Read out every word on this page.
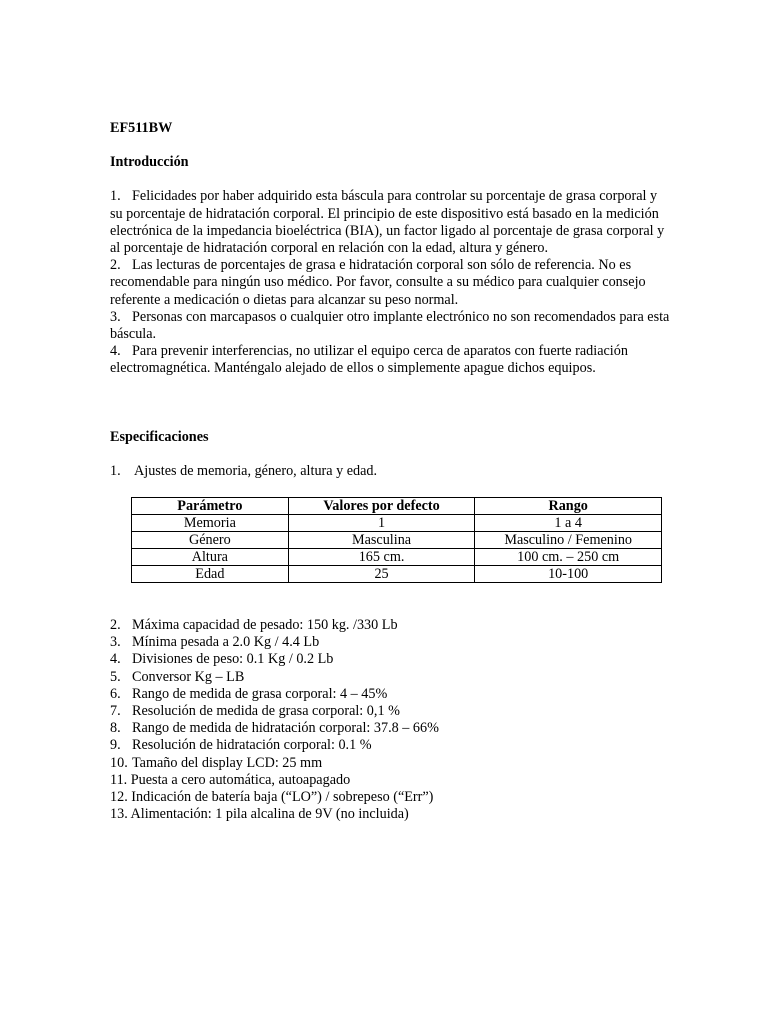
EF511BW

Introducción

1. Felicidades por haber adquirido esta báscula para controlar su porcentaje de grasa corporal y su porcentaje de hidratación corporal. El principio de este dispositivo está basado en la medición electrónica de la impedancia bioeléctrica (BIA), un factor ligado al porcentaje de grasa corporal y al porcentaje de hidratación corporal en relación con la edad, altura y género.

2. Las lecturas de porcentajes de grasa e hidratación corporal son sólo de referencia. No es recomendable para ningún uso médico. Por favor, consulte a su médico para cualquier consejo referente a medicación o dietas para alcanzar su peso normal.

3. Personas con marcapasos o cualquier otro implante electrónico no son recomendados para esta báscula.

4. Para prevenir interferencias, no utilizar el equipo cerca de aparatos con fuerte radiación electromagnética. Manténgalo alejado de ellos o simplemente apague dichos equipos.

Especificaciones

1. Ajustes de memoria, género, altura y edad.

Parámetro	Valores por defecto	Rango
Memoria	1	1 a 4
Género	Masculina	Masculino / Femenino
Altura	165 cm.	100 cm. – 250 cm
Edad	25	10-100

2. Máxima capacidad de pesado: 150 kg. /330 Lb

3. Mínima pesada a 2.0 Kg / 4.4 Lb

4. Divisiones de peso: 0.1 Kg / 0.2 Lb

5. Conversor Kg – LB

6. Rango de medida de grasa corporal: 4 – 45%

7. Resolución de medida de grasa corporal: 0,1 %

8. Rango de medida de hidratación corporal: 37.8 – 66%

9. Resolución de hidratación corporal: 0.1 %

10. Tamaño del display LCD: 25 mm

11. Puesta a cero automática, autoapagado

12. Indicación de batería baja (“LO”) / sobrepeso (“Err”)

13. Alimentación: 1 pila alcalina de 9V (no incluida)
